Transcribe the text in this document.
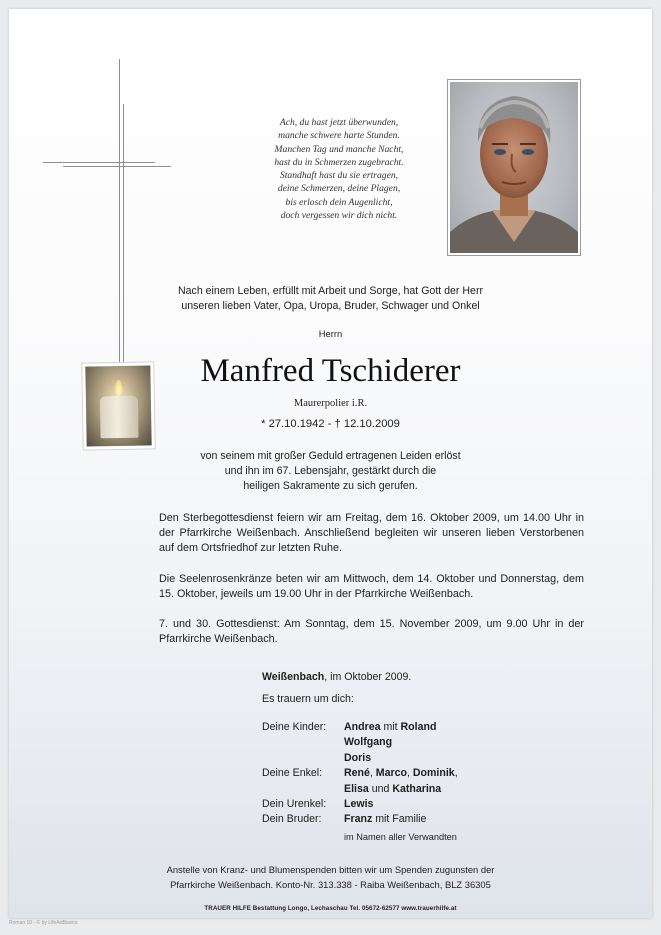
Ach, du hast jetzt überwunden,
manche schwere harte Stunden.
Manchen Tag und manche Nacht,
hast du in Schmerzen zugebracht.
Standhaft hast du sie ertragen,
deine Schmerzen, deine Plagen,
bis erlosch dein Augenlicht,
doch vergessen wir dich nicht.
Nach einem Leben, erfüllt mit Arbeit und Sorge, hat Gott der Herr
unseren lieben Vater, Opa, Uropa, Bruder, Schwager und Onkel
Herrn
Manfred Tschiderer
Maurerpolier i.R.
* 27.10.1942 - † 12.10.2009
von seinem mit großer Geduld ertragenen Leiden erlöst
und ihn im 67. Lebensjahr, gestärkt durch die
heiligen Sakramente zu sich gerufen.
Den Sterbegottesdienst feiern wir am Freitag, dem 16. Oktober 2009, um 14.00 Uhr in der Pfarrkirche Weißenbach. Anschließend begleiten wir unseren lieben Verstorbenen auf dem Ortsfriedhof zur letzten Ruhe.
Die Seelenrosenkränze beten wir am Mittwoch, dem 14. Oktober und Donnerstag, dem 15. Oktober, jeweils um 19.00 Uhr in der Pfarrkirche Weißenbach.
7. und 30. Gottesdienst: Am Sonntag, dem 15. November 2009, um 9.00 Uhr in der Pfarrkirche Weißenbach.
Weißenbach, im Oktober 2009.
Es trauern um dich:
Deine Kinder:	Andrea mit Roland
Wolfgang
Doris
Deine Enkel:	René, Marco, Dominik,
Elisa und Katharina
Dein Urenkel:	Lewis
Dein Bruder:	Franz mit Familie
im Namen aller Verwandten
Anstelle von Kranz- und Blumenspenden bitten wir um Spenden zugunsten der
Pfarrkirche Weißenbach. Konto-Nr. 313.338 - Raiba Weißenbach, BLZ 36305
TRAUER HILFE Bestattung Longo, Lechaschau Tel. 05672-62577 www.trauerhilfe.at
Roman 10 - © by LifeArtBasics
